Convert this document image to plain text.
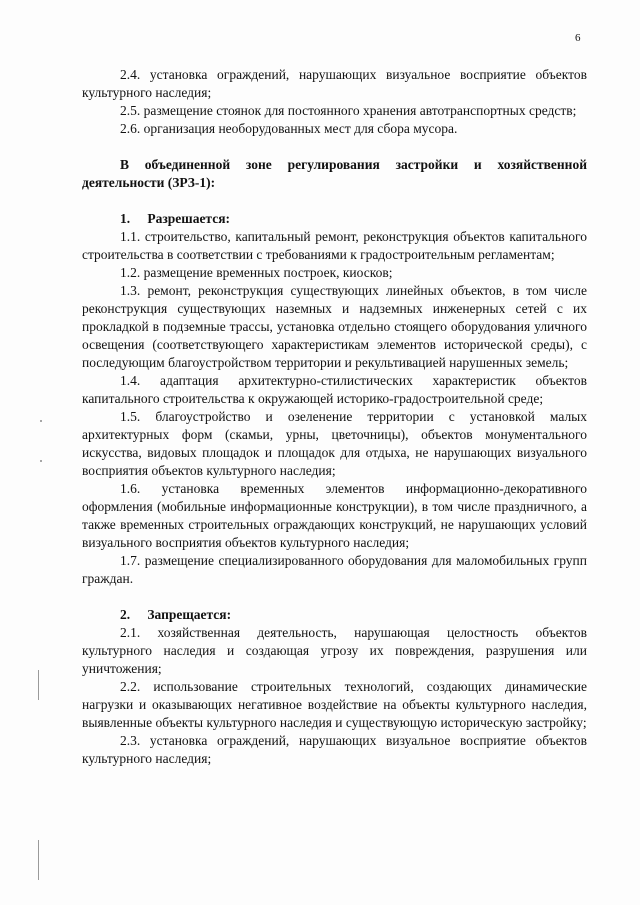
6

2.4. установка ограждений, нарушающих визуальное восприятие объектов культурного наследия;

2.5. размещение стоянок для постоянного хранения автотранспортных средств;

2.6. организация необорудованных мест для сбора мусора.

В объединенной зоне регулирования застройки и хозяйственной деятельности (ЗРЗ-1):

1. Разрешается:

1.1. строительство, капитальный ремонт, реконструкция объектов капитального строительства в соответствии с требованиями к градостроительным регламентам;

1.2. размещение временных построек, киосков;

1.3. ремонт, реконструкция существующих линейных объектов, в том числе реконструкция существующих наземных и надземных инженерных сетей с их прокладкой в подземные трассы, установка отдельно стоящего оборудования уличного освещения (соответствующего характеристикам элементов исторической среды), с последующим благоустройством территории и рекультивацией нарушенных земель;

1.4. адаптация архитектурно-стилистических характеристик объектов капитального строительства к окружающей историко-градостроительной среде;

1.5. благоустройство и озеленение территории с установкой малых архитектурных форм (скамьи, урны, цветочницы), объектов монументального искусства, видовых площадок и площадок для отдыха, не нарушающих визуального восприятия объектов культурного наследия;

1.6. установка временных элементов информационно-декоративного оформления (мобильные информационные конструкции), в том числе праздничного, а также временных строительных ограждающих конструкций, не нарушающих условий визуального восприятия объектов культурного наследия;

1.7. размещение специализированного оборудования для маломобильных групп граждан.

2. Запрещается:

2.1. хозяйственная деятельность, нарушающая целостность объектов культурного наследия и создающая угрозу их повреждения, разрушения или уничтожения;

2.2. использование строительных технологий, создающих динамические нагрузки и оказывающих негативное воздействие на объекты культурного наследия, выявленные объекты культурного наследия и существующую историческую застройку;

2.3. установка ограждений, нарушающих визуальное восприятие объектов культурного наследия;
